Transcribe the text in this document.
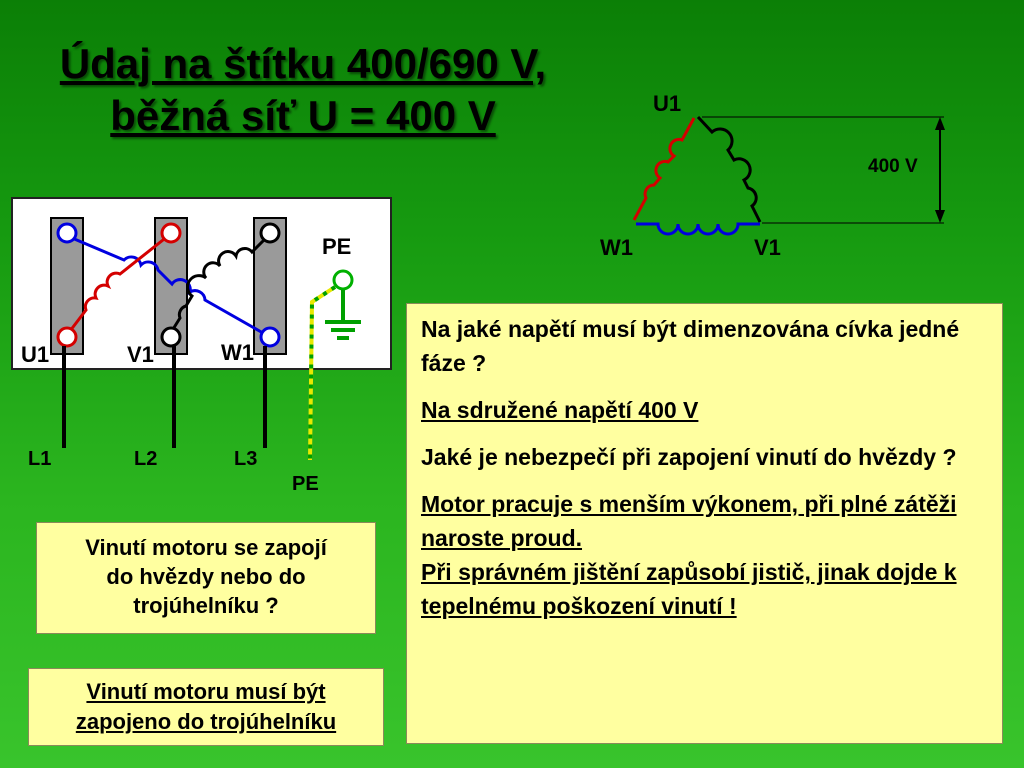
Údaj na štítku 400/690 V,
běžná síť U = 400 V	U1
W1	V1
400 V
PE
U1	V1	W1
L1	L2	L3
PE
Vinutí motoru se zapojí
do hvězdy nebo do
trojúhelníku ?
Vinutí motoru musí být
zapojeno do trojúhelníku

Na jaké napětí musí být dimenzována cívka jedné fáze ?

Na sdružené napětí 400 V

Jaké je nebezpečí při zapojení vinutí do hvězdy ?

Motor pracuje s menším výkonem, při plné zátěži naroste proud.
Při správném jištění zapůsobí jistič, jinak dojde k tepelnému poškození vinutí !
